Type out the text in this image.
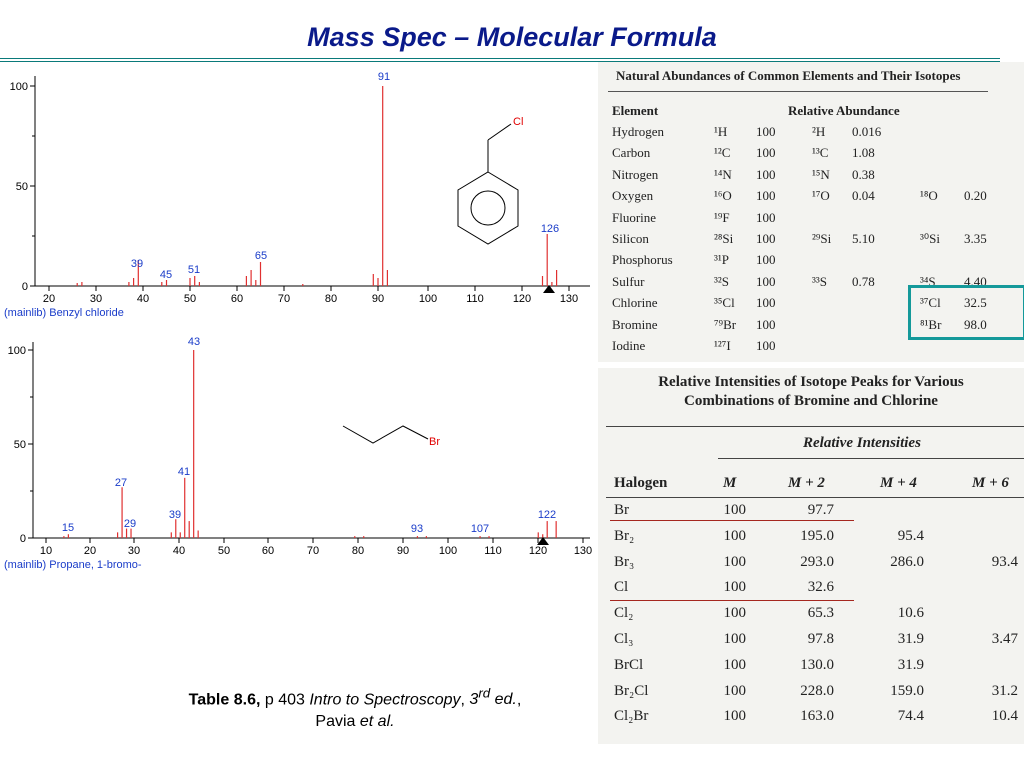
Mass Spec – Molecular Formula
100
50
0
20	30	40	50	60	70	80	90	100	110	120	130
91
126
65
39	51
45
Cl
(mainlib) Benzyl chloride
100
50
0
10	20	30	40	50	60	70	80	90	100 110 120 130
43
41
27
122
39
29
15	93	107
Br
(mainlib) Propane, 1-bromo-
Natural Abundances of Common Elements and Their Isotopes
Element	Relative Abundance
Hydrogen	¹H 100	²H 0.016
Carbon	¹²C 100	¹³C 1.08
Nitrogen	¹⁴N 100	¹⁵N 0.38
Oxygen	¹⁶O 100	¹⁷O 0.04	¹⁸O 0.20
Fluorine	¹⁹F 100
Silicon	²⁸Si 100	²⁹Si 5.10	³⁰Si 3.35
Phosphorus	³¹P 100
Sulfur	³²S 100	³³S 0.78	³⁴S 4.40
Chlorine	³⁵Cl 100	³⁷Cl 32.5
Bromine	⁷⁹Br 100	⁸¹Br 98.0
Iodine	¹²⁷I 100
Relative Intensities of Isotope Peaks for Various
Combinations of Bromine and Chlorine
Relative Intensities
Halogen	M	M + 2	M + 4	M + 6
Br	100	97.7
Br₂	100	195.0	95.4
Br₃	100	293.0	286.0	93.4
Cl	100	32.6
Cl₂	100	65.3	10.6
Cl₃	100	97.8	31.9	3.47
BrCl	100	130.0	31.9
Br₂Cl	100	228.0	159.0	31.2
Cl₂Br	100	163.0	74.4	10.4
Table 8.6, p 403 Intro to Spectroscopy, 3rd ed.,
Pavia et al.
